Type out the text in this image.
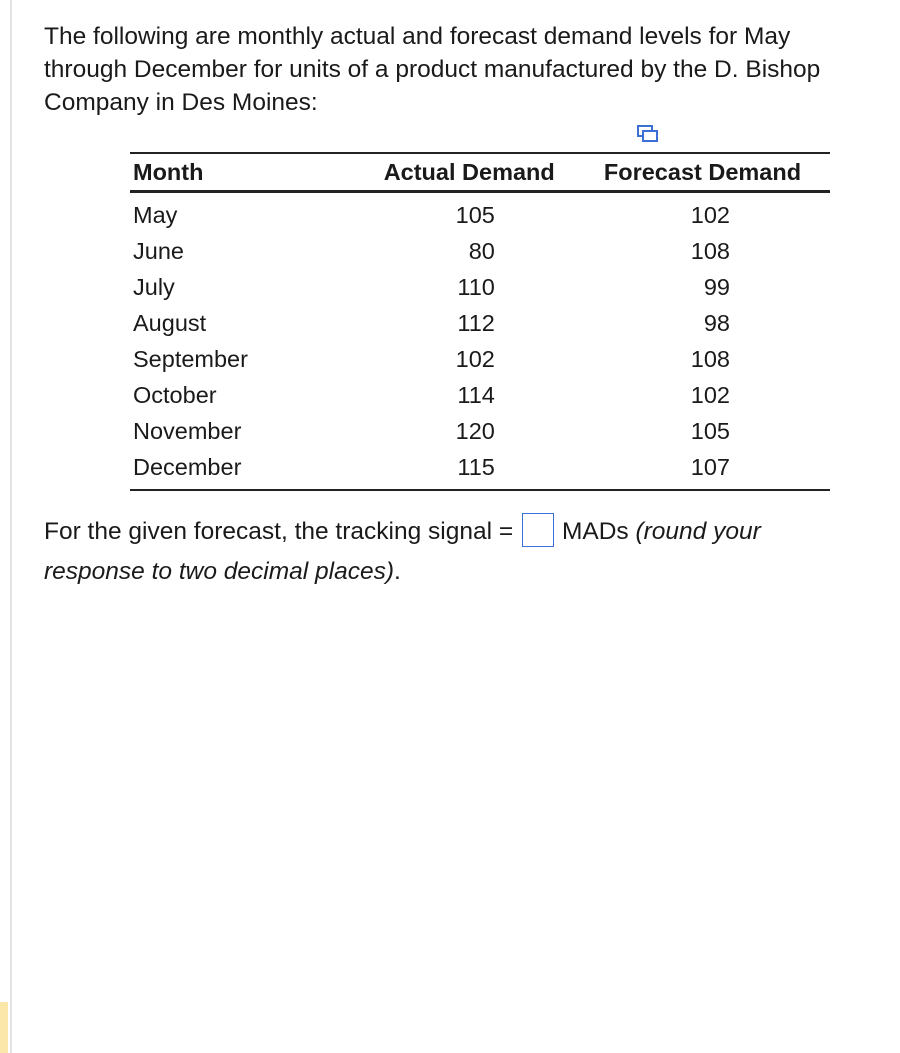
The following are monthly actual and forecast demand levels for May through December for units of a product manufactured by the D. Bishop Company in Des Moines:

Month	Actual Demand	Forecast Demand
May	105	102
June	80	108
July	110	99
August	112	98
September	102	108
October	114	102
November	120	105
December	115	107

For the given forecast, the tracking signal = MADs (round your response to two decimal places).
